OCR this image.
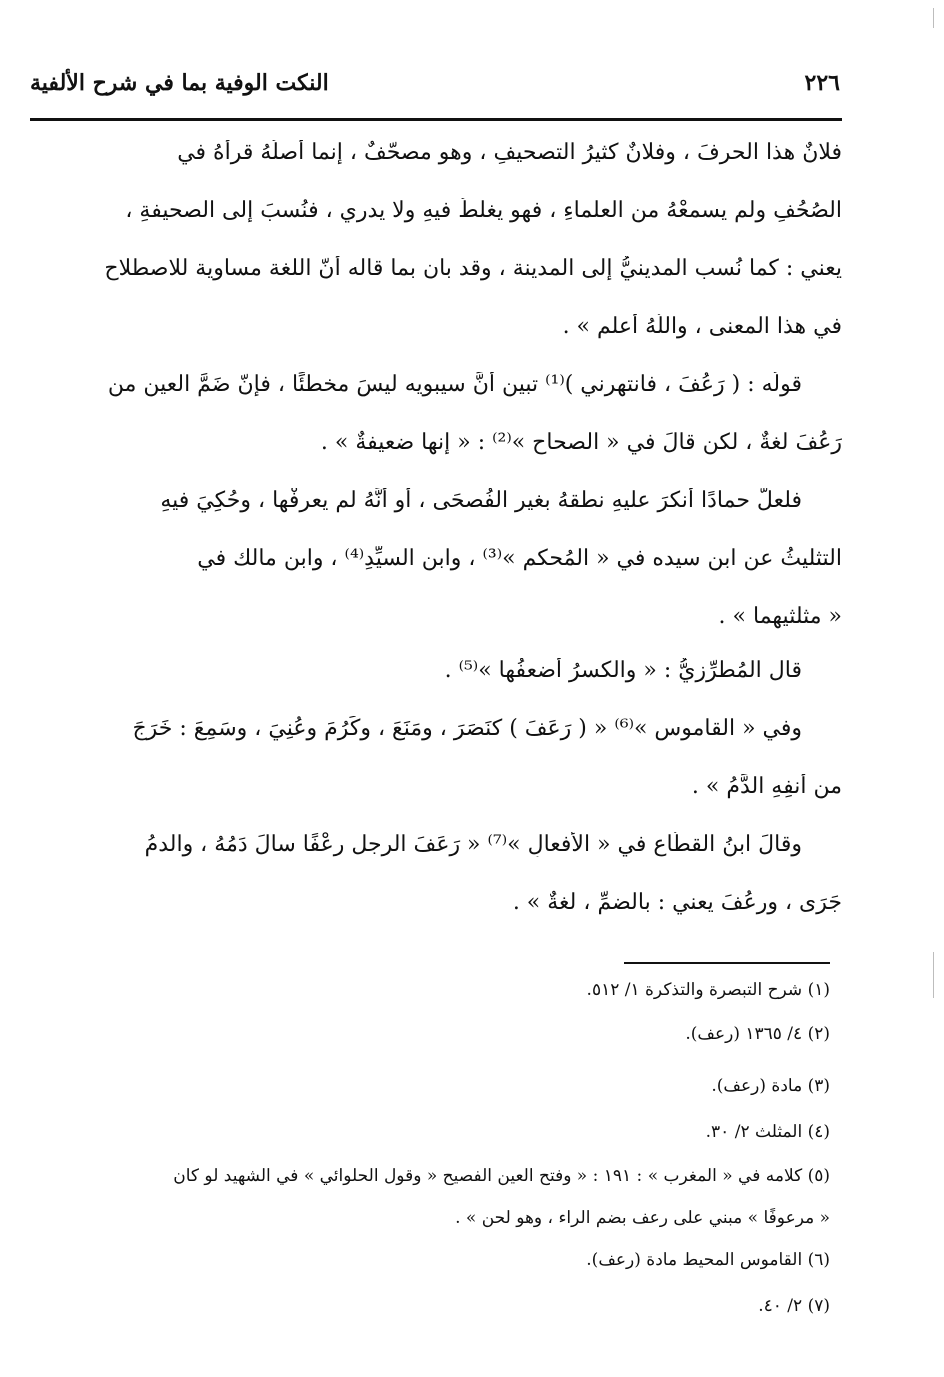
النكت الوفية بما في شرح الألفية	٢٢٦
فلانٌ هذا الحرفَ ، وفلانٌ كثيرُ التصحيفِ ، وهو مصحّفٌ ، إنما أصلُهُ قرأهُ في
الصُحُفِ ولم يسمعْهُ من العلماءِ ، فهو يغلطُ فيهِ ولا يدري ، فنُسبَ إلى الصحيفةِ ،
يعني : كما نُسب المدينيُّ إلى المدينة ، وقد بان بما قاله أنّ اللغة مساوية للاصطلاح
في هذا المعنى ، واللّهُ أعلم » .
قولُه : ( رَعُفَ ، فانتهرني )⁽¹⁾ تبين أنَّ سيبويه ليسَ مخطئًا ، فإنّ ضَمَّ العينِ من
رَعُفَ لغةٌ ، لكن قالَ في « الصحاحِ »⁽²⁾ : « إنها ضعيفةٌ » .
فلعلَّ حمادًا أنكرَ عليهِ نطقهُ بغيرِ الفُصحَى ، أو أنَّهُ لم يعرفْها ، وحُكِيَ فيهِ
التثليثُ عن ابنِ سيده في « المُحكم »⁽³⁾ ، وابنِ السيِّدِ⁽⁴⁾ ، وابنِ مالك في
« مثلثيهما » .
قال المُطرِّزيُّ : « والكسرُ أضعفُها »⁽⁵⁾ .
وفي « القاموسِ »⁽⁶⁾ « ( رَعَفَ ) كنَصَرَ ، ومَنَعَ ، وكَرُمَ وعُنِيَ ، وسَمِعَ : خَرَجَ
من أنفِهِ الدَّمُ » .
وقالَ ابنُ القطَّاعِ في « الأفعالِ »⁽⁷⁾ « رَعَفَ الرجل رعْفًا سالَ دَمُهُ ، والدمُ
جَرَى ، ورعُفَ يعني : بالضمِّ ، لغةٌ » .
(١) شرح التبصرة والتذكرة ١/ ٥١٢.
(٢) ٤/ ١٣٦٥ (رعف).
(٣) مادة (رعف).
(٤) المثلث ٢/ ٣٠.
(٥) كلامه في « المغرب » : ١٩١ : « وفتح العين الفصيح « وقول الحلوائي » في الشهيد لو كان
« مرعوفًا » مبني على رعف بضم الراء ، وهو لحن » .
(٦) القاموس المحيط مادة (رعف).
(٧) ٢/ ٤٠.
